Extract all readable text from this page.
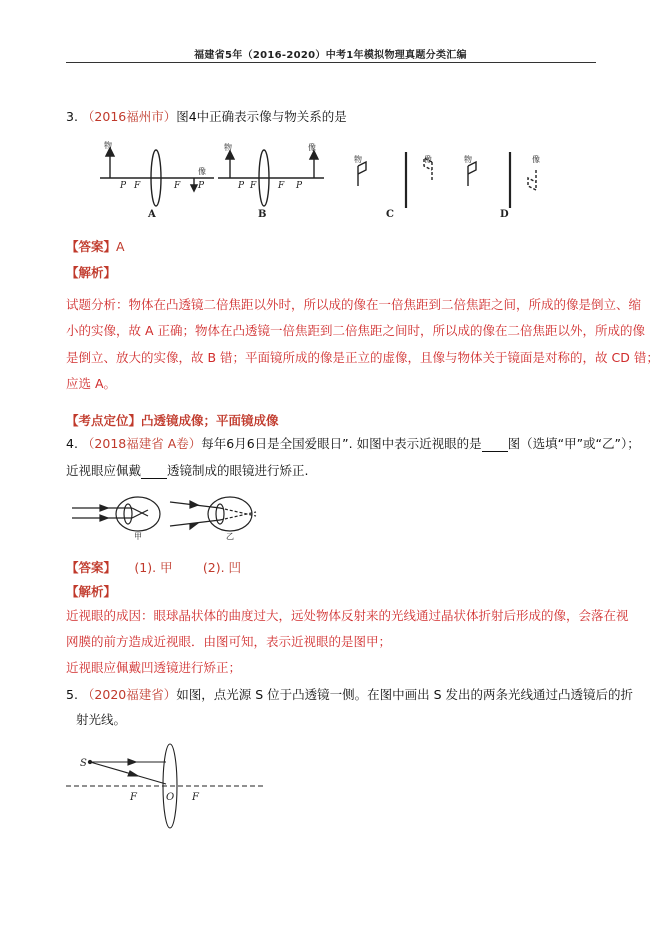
福建省5年（2016-2020）中考1年模拟物理真题分类汇编
3. （2016福州市）图4中正确表示像与物关系的是
P F	F P	P F F P
物
像
物	像
物	像	物	像
A	B	C	D
【答案】A
【解析】
试题分析：物体在凸透镜二倍焦距以外时，所以成的像在一倍焦距到二倍焦距之间，所成的像是倒立、缩
小的实像，故 A 正确；物体在凸透镜一倍焦距到二倍焦距之间时，所以成的像在二倍焦距以外，所成的像
是倒立、放大的实像，故 B 错；平面镜所成的像是正立的虚像，且像与物体关于镜面是对称的，故 CD 错；
应选 A。
【考点定位】凸透镜成像；平面镜成像
4. （2018福建省 A卷）每年6月6日是全国爱眼日”. 如图中表示近视眼的是 图（选填“甲”或“乙”）；
近视眼应佩戴 透镜制成的眼镜进行矫正.
甲	乙
【答案】 (1). 甲 (2). 凹
【解析】
近视眼的成因：眼球晶状体的曲度过大，远处物体反射来的光线通过晶状体折射后形成的像，会落在视
网膜的前方造成近视眼．由图可知，表示近视眼的是图甲；
近视眼应佩戴凹透镜进行矫正；
5. （2020福建省）如图，点光源 S 位于凸透镜一侧。在图中画出 S 发出的两条光线通过凸透镜后的折
射光线。
S
F	O F
